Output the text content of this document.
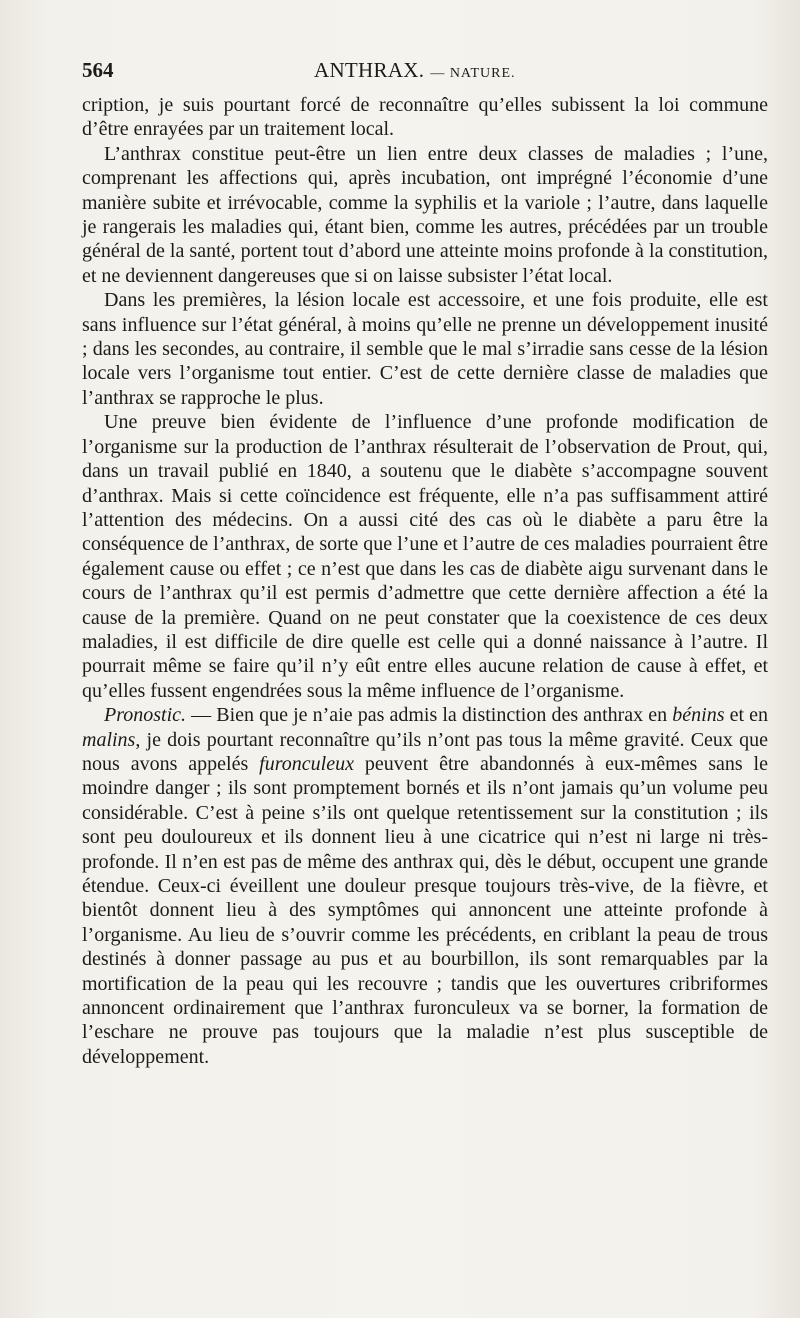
564	ANTHRAX. — NATURE.

cription, je suis pourtant forcé de reconnaître qu’elles subissent la loi commune d’être enrayées par un traitement local.

L’anthrax constitue peut-être un lien entre deux classes de maladies ; l’une, comprenant les affections qui, après incubation, ont imprégné l’économie d’une manière subite et irrévocable, comme la syphilis et la variole ; l’autre, dans laquelle je rangerais les maladies qui, étant bien, comme les autres, précédées par un trouble général de la santé, portent tout d’abord une atteinte moins profonde à la constitution, et ne deviennent dangereuses que si on laisse subsister l’état local.

Dans les premières, la lésion locale est accessoire, et une fois produite, elle est sans influence sur l’état général, à moins qu’elle ne prenne un développement inusité ; dans les secondes, au contraire, il semble que le mal s’irradie sans cesse de la lésion locale vers l’organisme tout entier. C’est de cette dernière classe de maladies que l’anthrax se rapproche le plus.

Une preuve bien évidente de l’influence d’une profonde modification de l’organisme sur la production de l’anthrax résulterait de l’observation de Prout, qui, dans un travail publié en 1840, a soutenu que le diabète s’accompagne souvent d’anthrax. Mais si cette coïncidence est fréquente, elle n’a pas suffisamment attiré l’attention des médecins. On a aussi cité des cas où le diabète a paru être la conséquence de l’anthrax, de sorte que l’une et l’autre de ces maladies pourraient être également cause ou effet ; ce n’est que dans les cas de diabète aigu survenant dans le cours de l’anthrax qu’il est permis d’admettre que cette dernière affection a été la cause de la première. Quand on ne peut constater que la coexistence de ces deux maladies, il est difficile de dire quelle est celle qui a donné naissance à l’autre. Il pourrait même se faire qu’il n’y eût entre elles aucune relation de cause à effet, et qu’elles fussent engendrées sous la même influence de l’organisme.

Pronostic. — Bien que je n’aie pas admis la distinction des anthrax en bénins et en malins, je dois pourtant reconnaître qu’ils n’ont pas tous la même gravité. Ceux que nous avons appelés furonculeux peuvent être abandonnés à eux-mêmes sans le moindre danger ; ils sont promptement bornés et ils n’ont jamais qu’un volume peu considérable. C’est à peine s’ils ont quelque retentissement sur la constitution ; ils sont peu douloureux et ils donnent lieu à une cicatrice qui n’est ni large ni très-profonde. Il n’en est pas de même des anthrax qui, dès le début, occupent une grande étendue. Ceux-ci éveillent une douleur presque toujours très-vive, de la fièvre, et bientôt donnent lieu à des symptômes qui annoncent une atteinte profonde à l’organisme. Au lieu de s’ouvrir comme les précédents, en criblant la peau de trous destinés à donner passage au pus et au bourbillon, ils sont remarquables par la mortification de la peau qui les recouvre ; tandis que les ouvertures cribriformes annoncent ordinairement que l’anthrax furonculeux va se borner, la formation de l’eschare ne prouve pas toujours que la maladie n’est plus susceptible de développement.
